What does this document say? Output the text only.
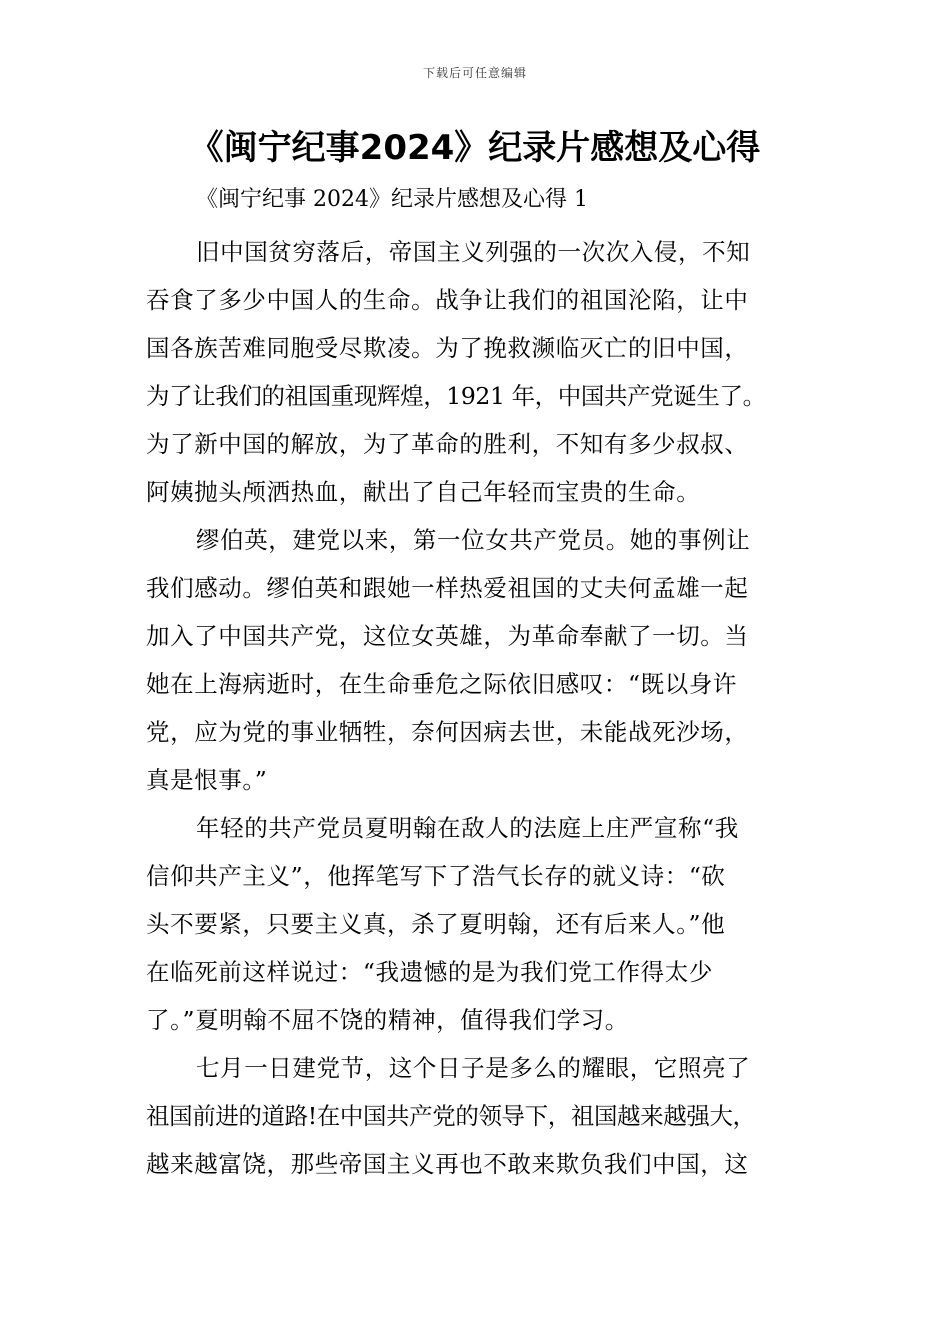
下载后可任意编辑
《闽宁纪事2024》纪录片感想及心得
《闽宁纪事 2024》纪录片感想及心得 1

旧中国贫穷落后，帝国主义列强的一次次入侵，不知
吞食了多少中国人的生命。战争让我们的祖国沦陷，让中
国各族苦难同胞受尽欺凌。为了挽救濒临灭亡的旧中国，
为了让我们的祖国重现辉煌，1921 年，中国共产党诞生了。
为了新中国的解放，为了革命的胜利，不知有多少叔叔、
阿姨抛头颅洒热血，献出了自己年轻而宝贵的生命。

缪伯英，建党以来，第一位女共产党员。她的事例让
我们感动。缪伯英和跟她一样热爱祖国的丈夫何孟雄一起
加入了中国共产党，这位女英雄，为革命奉献了一切。当
她在上海病逝时，在生命垂危之际依旧感叹：“既以身许
党，应为党的事业牺牲，奈何因病去世，未能战死沙场，
真是恨事。”

年轻的共产党员夏明翰在敌人的法庭上庄严宣称“我
信仰共产主义”，他挥笔写下了浩气长存的就义诗：“砍
头不要紧，只要主义真，杀了夏明翰，还有后来人。”他
在临死前这样说过：“我遗憾的是为我们党工作得太少
了。”夏明翰不屈不饶的精神，值得我们学习。

七月一日建党节，这个日子是多么的耀眼，它照亮了
祖国前进的道路!在中国共产党的领导下，祖国越来越强大，
越来越富饶，那些帝国主义再也不敢来欺负我们中国，这
